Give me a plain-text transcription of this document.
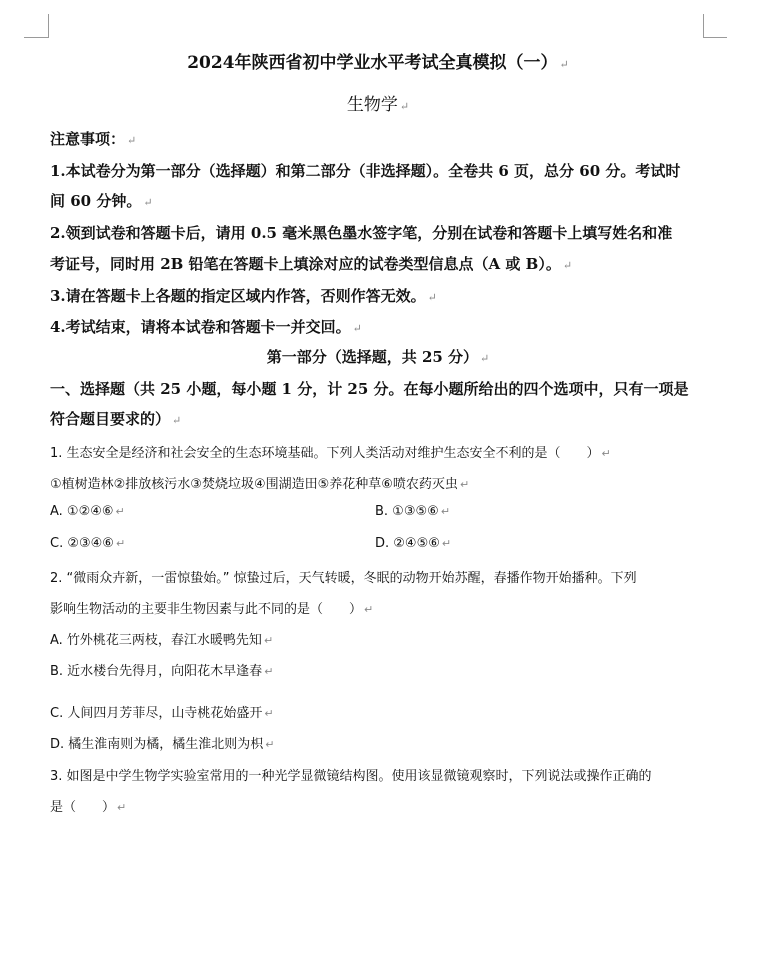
2024年陕西省初中学业水平考试全真模拟（一） ↵
生物学 ↵
注意事项： ↵
1.本试卷分为第一部分（选择题）和第二部分（非选择题）。全卷共 6 页，总分 60 分。考试时
间 60 分钟。 ↵
2.领到试卷和答题卡后，请用 0.5 毫米黑色墨水签字笔，分别在试卷和答题卡上填写姓名和准
考证号，同时用 2B 铅笔在答题卡上填涂对应的试卷类型信息点（A 或 B）。 ↵
3.请在答题卡上各题的指定区域内作答，否则作答无效。 ↵
4.考试结束，请将本试卷和答题卡一并交回。 ↵
第一部分（选择题，共 25 分） ↵
一、选择题（共 25 小题，每小题 1 分，计 25 分。在每小题所给出的四个选项中，只有一项是
符合题目要求的） ↵
1. 生态安全是经济和社会安全的生态环境基础。下列人类活动对维护生态安全不利的是（　　） ↵
①植树造林②排放核污水③焚烧垃圾④围湖造田⑤养花种草⑥喷农药灭虫 ↵
A. ①②④⑥ ↵	B. ①③⑤⑥ ↵
C. ②③④⑥ ↵	D. ②④⑤⑥ ↵
2. “微雨众卉新，一雷惊蛰始。” 惊蛰过后，天气转暖，冬眠的动物开始苏醒，春播作物开始播种。下列
影响生物活动的主要非生物因素与此不同的是（　　） ↵
A. 竹外桃花三两枝，春江水暖鸭先知 ↵
B. 近水楼台先得月，向阳花木早逢春 ↵
C. 人间四月芳菲尽，山寺桃花始盛开 ↵
D. 橘生淮南则为橘，橘生淮北则为枳 ↵
3. 如图是中学生物学实验室常用的一种光学显微镜结构图。使用该显微镜观察时，下列说法或操作正确的
是（　　） ↵
